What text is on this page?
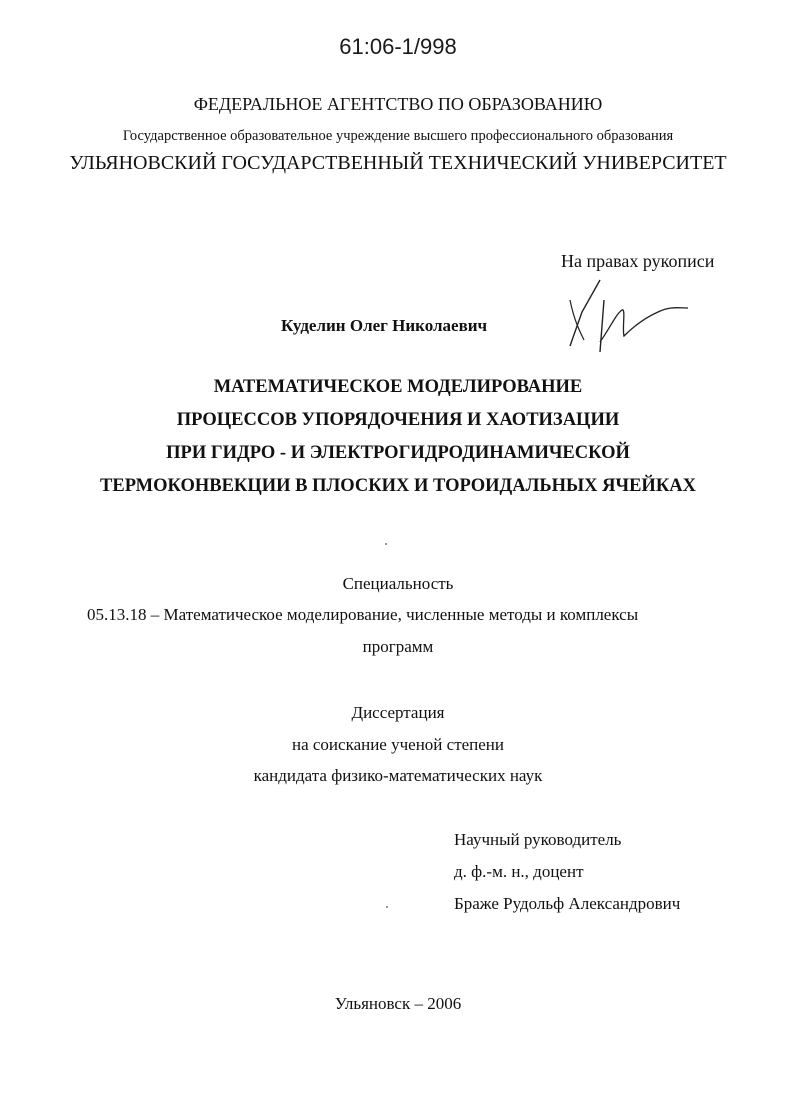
61:06-1/998
ФЕДЕРАЛЬНОЕ АГЕНТСТВО ПО ОБРАЗОВАНИЮ
Государственное образовательное учреждение высшего профессионального образования
УЛЬЯНОВСКИЙ ГОСУДАРСТВЕННЫЙ ТЕХНИЧЕСКИЙ УНИВЕРСИТЕТ
На правах рукописи
Куделин Олег Николаевич
МАТЕМАТИЧЕСКОЕ МОДЕЛИРОВАНИЕ
ПРОЦЕССОВ УПОРЯДОЧЕНИЯ И ХАОТИЗАЦИИ
ПРИ ГИДРО - И ЭЛЕКТРОГИДРОДИНАМИЧЕСКОЙ
ТЕРМОКОНВЕКЦИИ В ПЛОСКИХ И ТОРОИДАЛЬНЫХ ЯЧЕЙКАХ
Специальность
05.13.18 – Математическое моделирование, численные методы и комплексы
программ
Диссертация
на соискание ученой степени
кандидата физико-математических наук
Научный руководитель
д. ф.-м. н., доцент
Браже Рудольф Александрович
Ульяновск – 2006
